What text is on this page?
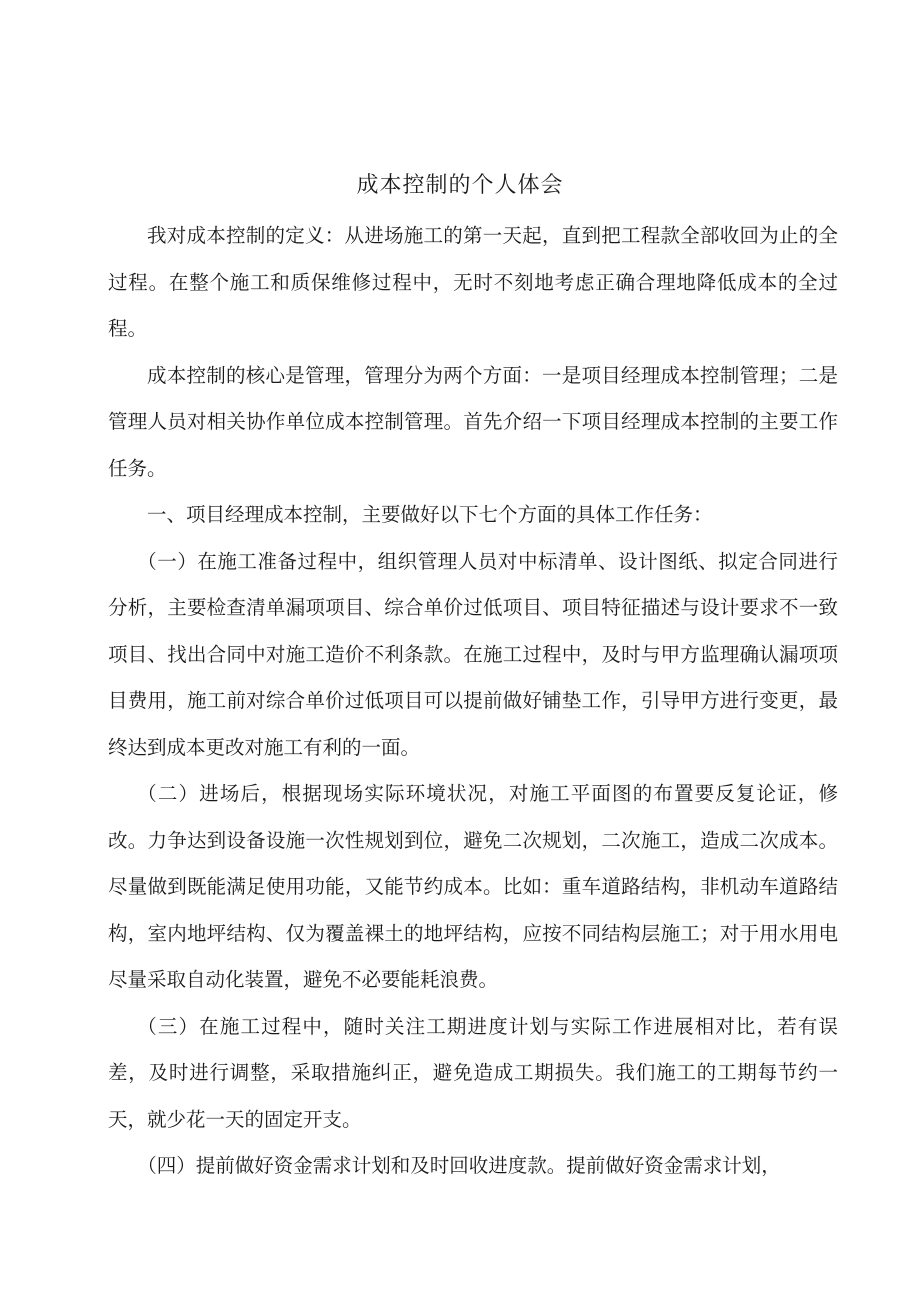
成本控制的个人体会

我对成本控制的定义：从进场施工的第一天起，直到把工程款全部收回为止的全过程。在整个施工和质保维修过程中，无时不刻地考虑正确合理地降低成本的全过程。

成本控制的核心是管理，管理分为两个方面：一是项目经理成本控制管理；二是管理人员对相关协作单位成本控制管理。首先介绍一下项目经理成本控制的主要工作任务。

一、项目经理成本控制，主要做好以下七个方面的具体工作任务：

（一）在施工准备过程中，组织管理人员对中标清单、设计图纸、拟定合同进行分析，主要检查清单漏项项目、综合单价过低项目、项目特征描述与设计要求不一致项目、找出合同中对施工造价不利条款。在施工过程中，及时与甲方监理确认漏项项目费用，施工前对综合单价过低项目可以提前做好铺垫工作，引导甲方进行变更，最终达到成本更改对施工有利的一面。

（二）进场后，根据现场实际环境状况，对施工平面图的布置要反复论证，修改。力争达到设备设施一次性规划到位，避免二次规划，二次施工，造成二次成本。尽量做到既能满足使用功能，又能节约成本。比如：重车道路结构，非机动车道路结构，室内地坪结构、仅为覆盖裸土的地坪结构，应按不同结构层施工；对于用水用电尽量采取自动化装置，避免不必要能耗浪费。

（三）在施工过程中，随时关注工期进度计划与实际工作进展相对比，若有误差，及时进行调整，采取措施纠正，避免造成工期损失。我们施工的工期每节约一天，就少花一天的固定开支。

（四）提前做好资金需求计划和及时回收进度款。提前做好资金需求计划，
